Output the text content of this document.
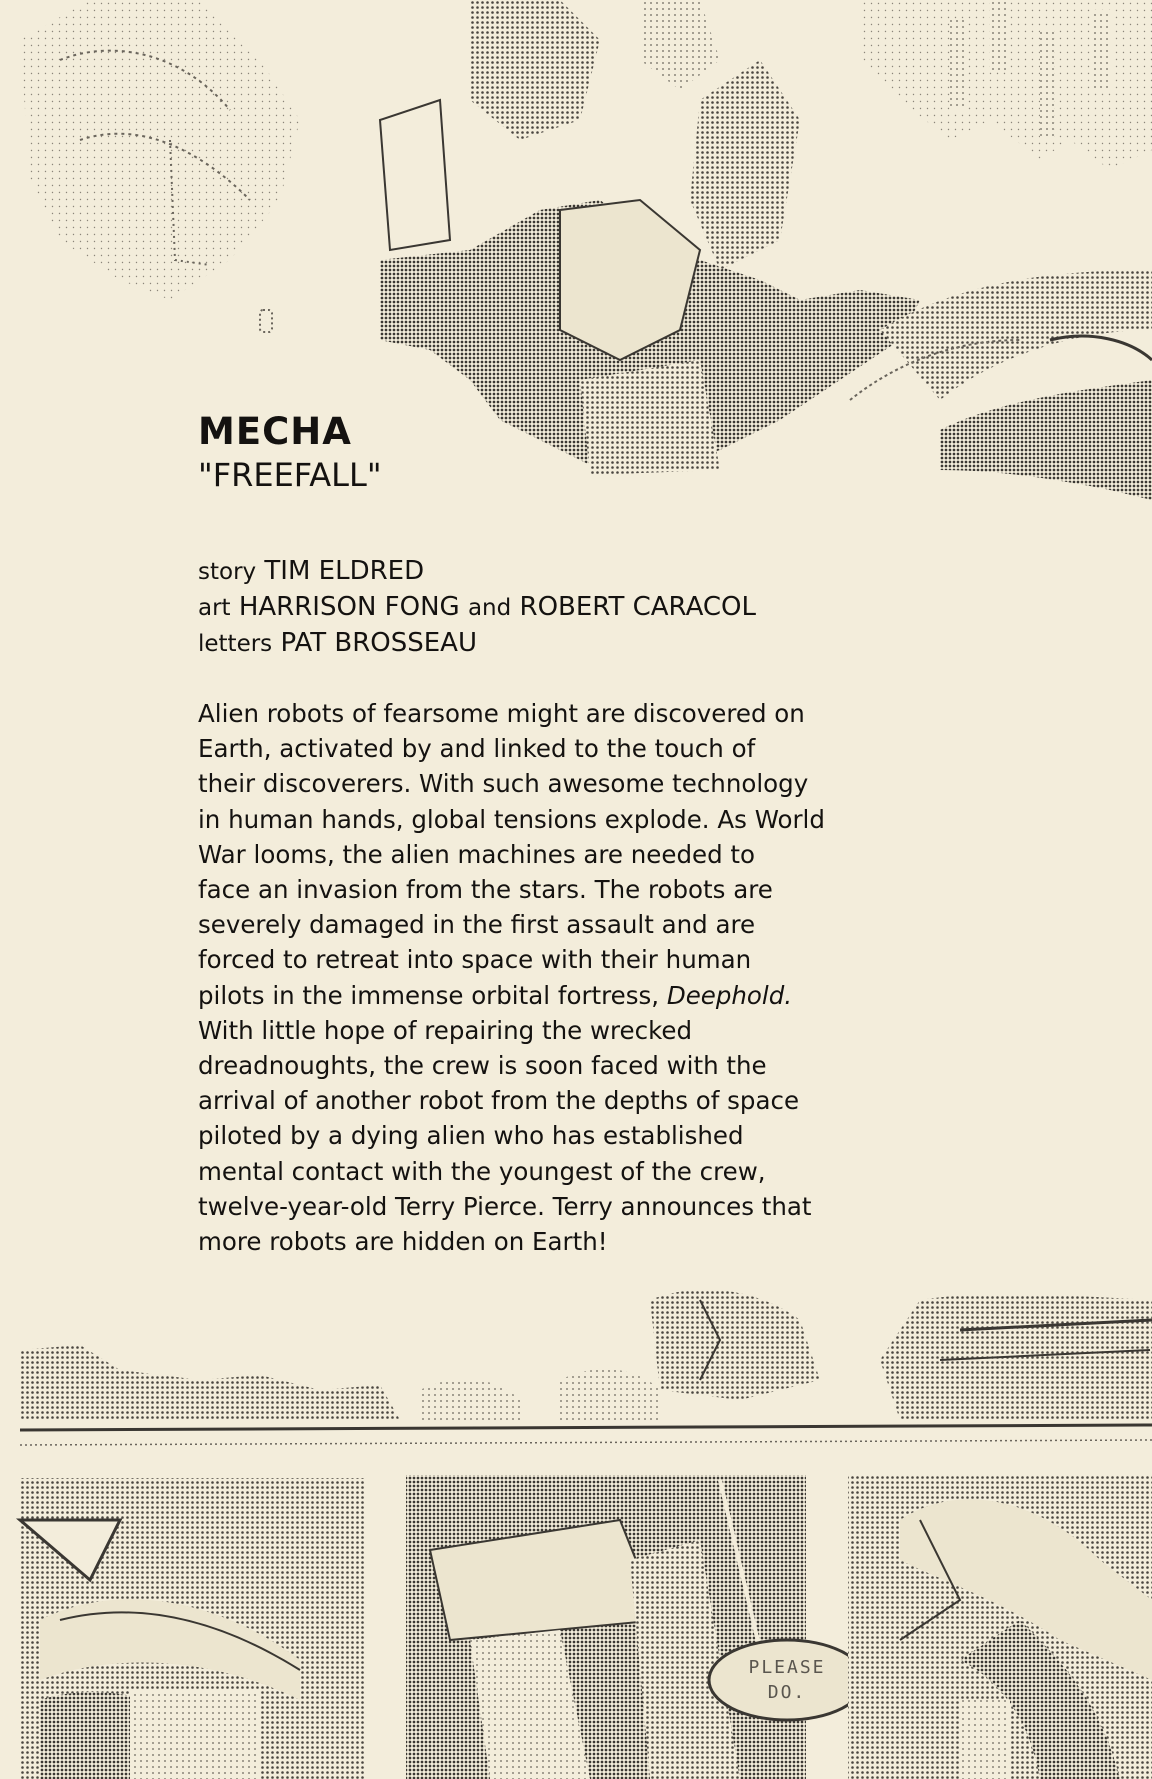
PLEASE
DO.
MECHA
"FREEFALL"
story TIM ELDRED
art HARRISON FONG and ROBERT CARACOL
letters PAT BROSSEAU

Alien robots of fearsome might are discovered on

Earth, activated by and linked to the touch of

their discoverers. With such awesome technology

in human hands, global tensions explode. As World

War looms, the alien machines are needed to

face an invasion from the stars. The robots are

severely damaged in the first assault and are

forced to retreat into space with their human

pilots in the immense orbital fortress, Deephold.

With little hope of repairing the wrecked

dreadnoughts, the crew is soon faced with the

arrival of another robot from the depths of space

piloted by a dying alien who has established

mental contact with the youngest of the crew,

twelve-year-old Terry Pierce. Terry announces that

more robots are hidden on Earth!
